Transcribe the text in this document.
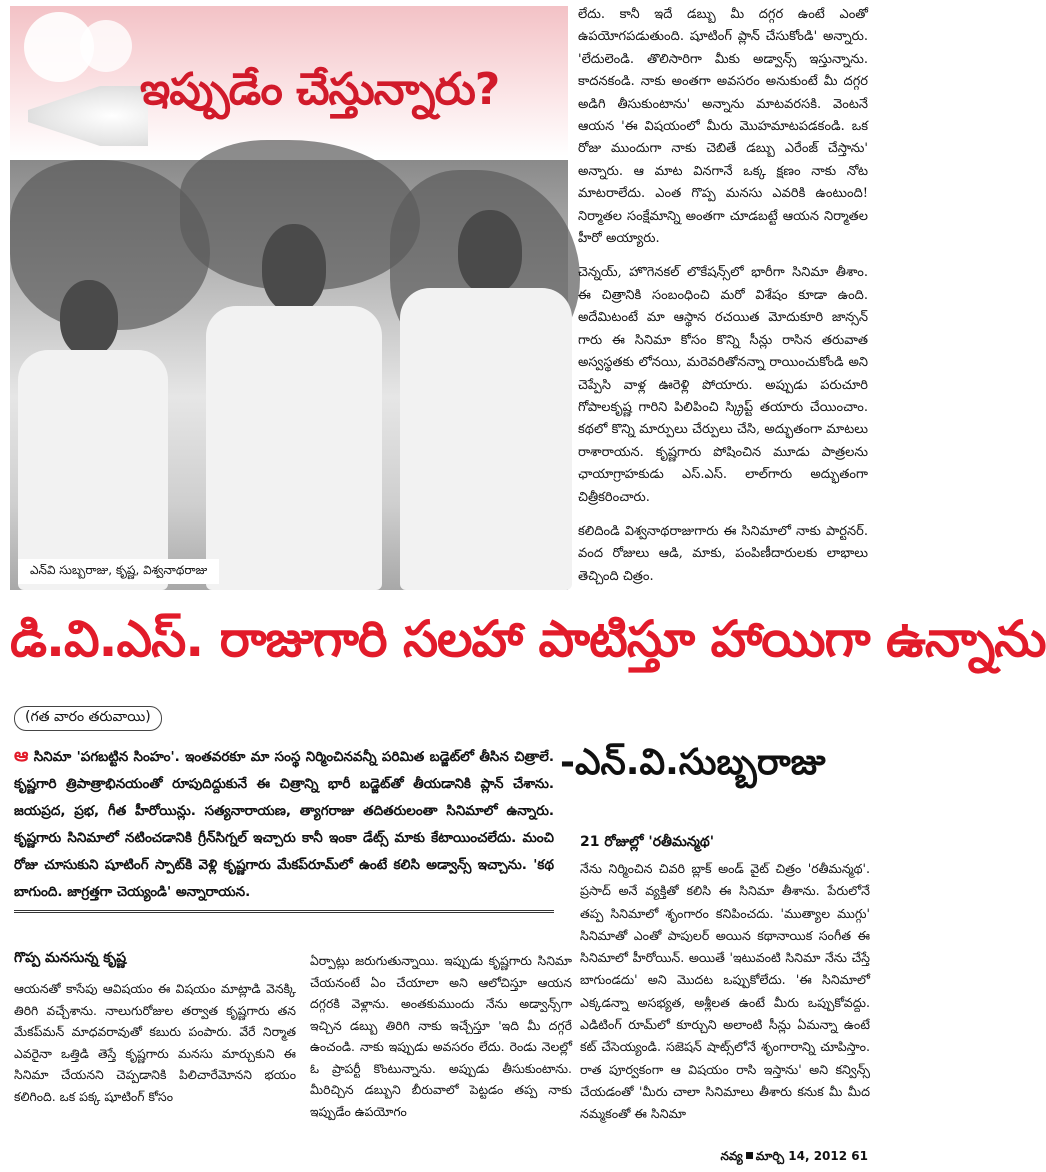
ఇప్పుడేం చేస్తున్నారు?
ఎన్‌వి సుబ్బరాజు, కృష్ణ, విశ్వనాథరాజు

లేదు. కానీ ఇదే డబ్బు మీ దగ్గర ఉంటే ఎంతో ఉపయోగపడుతుంది. షూటింగ్ ప్లాన్ చేసుకోండి' అన్నారు. 'లేదులెండి. తొలిసారిగా మీకు అడ్వాన్స్ ఇస్తున్నాను. కాదనకండి. నాకు అంతగా అవసరం అనుకుంటే మీ దగ్గర అడిగి తీసుకుంటాను' అన్నాను మాటవరసకి. వెంటనే ఆయన 'ఈ విషయంలో మీరు మొహమాటపడకండి. ఒక రోజు ముందుగా నాకు చెబితే డబ్బు ఎరేంజ్ చేస్తాను' అన్నారు. ఆ మాట వినగానే ఒక్క క్షణం నాకు నోట మాటరాలేదు. ఎంత గొప్ప మనసు ఎవరికి ఉంటుంది! నిర్మాతల సంక్షేమాన్ని అంతగా చూడబట్టే ఆయన నిర్మాతల హీరో అయ్యారు.

చెన్నయ్, హొగెనకల్ లొకేషన్స్‌లో భారీగా సినిమా తీశాం. ఈ చిత్రానికి సంబంధించి మరో విశేషం కూడా ఉంది. అదేమిటంటే మా ఆస్థాన రచయిత మోదుకూరి జాన్సన్ గారు ఈ సినిమా కోసం కొన్ని సీన్లు రాసిన తరువాత అస్వస్థతకు లోనయి, మరెవరితోనన్నా రాయించుకోండి అని చెప్పేసి వాళ్ల ఊరెళ్లి పోయారు. అప్పుడు పరుచూరి గోపాలకృష్ణ గారిని పిలిపించి స్క్రిప్ట్ తయారు చేయించాం. కథలో కొన్ని మార్పులు చేర్పులు చేసి, అద్భుతంగా మాటలు రాశారాయన. కృష్ణగారు పోషించిన మూడు పాత్రలను ఛాయాగ్రాహకుడు ఎస్.ఎస్. లాల్‌గారు అద్భుతంగా చిత్రీకరించారు.

కలిదిండి విశ్వనాథరాజుగారు ఈ సినిమాలో నాకు పార్టనర్. వంద రోజులు ఆడి, మాకు, పంపిణీదారులకు లాభాలు తెచ్చింది చిత్రం.

డి.వి.ఎస్. రాజుగారి సలహా పాటిస్తూ హాయిగా ఉన్నాను
(గత వారం తరువాయి)
ఆ సినిమా 'పగబట్టిన సింహం'. ఇంతవరకూ మా సంస్థ నిర్మించినవన్నీ పరిమిత బడ్జెట్‌లో తీసిన చిత్రాలే. కృష్ణగారి త్రిపాత్రాభినయంతో రూపుదిద్దుకునే ఈ చిత్రాన్ని భారీ బడ్జెట్‌తో తీయడానికి ప్లాన్ చేశాను. జయప్రద, ప్రభ, గీత హీరోయిన్లు. సత్యనారాయణ, త్యాగరాజు తదితరులంతా సినిమాలో ఉన్నారు. కృష్ణగారు సినిమాలో నటించడానికి గ్రీన్‌సిగ్నల్ ఇచ్చారు కానీ ఇంకా డేట్స్ మాకు కేటాయించలేదు. మంచి రోజు చూసుకుని షూటింగ్ స్పాట్‌కి వెళ్లి కృష్ణగారు మేకప్‌రూమ్‌లో ఉంటే కలిసి అడ్వాన్స్ ఇచ్చాను. 'కథ బాగుంది. జాగ్రత్తగా చెయ్యండి' అన్నారాయన.
-ఎన్.వి.సుబ్బరాజు
గొప్ప మనసున్న కృష్ణ
ఆయనతో కాసేపు ఆవిషయం ఈ విషయం మాట్లాడి వెనక్కి తిరిగి వచ్చేశాను. నాలుగురోజుల తర్వాత కృష్ణగారు తన మేకప్‌మన్ మాధవరావుతో కబురు పంపారు. వేరే నిర్మాత ఎవరైనా ఒత్తిడి తెస్తే కృష్ణగారు మనసు మార్చుకుని ఈ సినిమా చేయనని చెప్పడానికి పిలిచారేమోనని భయం కలిగింది. ఒక పక్క షూటింగ్ కోసం
ఏర్పాట్లు జరుగుతున్నాయి. ఇప్పుడు కృష్ణగారు సినిమా చేయనంటే ఏం చేయాలా అని ఆలోచిస్తూ ఆయన దగ్గరకి వెళ్లాను. అంతకుముందు నేను అడ్వాన్స్‌గా ఇచ్చిన డబ్బు తిరిగి నాకు ఇచ్చేస్తూ 'ఇది మీ దగ్గరే ఉంచండి. నాకు ఇప్పుడు అవసరం లేదు. రెండు నెలల్లో ఓ ప్రాపర్టీ కొంటున్నాను. అప్పుడు తీసుకుంటాను. మీరిచ్చిన డబ్బుని బీరువాలో పెట్టడం తప్ప నాకు ఇప్పుడేం ఉపయోగం
21 రోజుల్లో 'రతీమన్మథ'
నేను నిర్మించిన చివరి బ్లాక్ అండ్ వైట్ చిత్రం 'రతీమన్మథ'. ప్రసాద్ అనే వ్యక్తితో కలిసి ఈ సినిమా తీశాను. పేరులోనే తప్ప సినిమాలో శృంగారం కనిపించదు. 'ముత్యాల ముగ్గు' సినిమాతో ఎంతో పాపులర్ అయిన కథానాయిక సంగీత ఈ సినిమాలో హీరోయిన్. అయితే 'ఇటువంటి సినిమా నేను చేస్తే బాగుండదు' అని మొదట ఒప్పుకోలేదు. 'ఈ సినిమాలో ఎక్కడన్నా అసభ్యత, అశ్లీలత ఉంటే మీరు ఒప్పుకోవద్దు. ఎడిటింగ్ రూమ్‌లో కూర్చుని అలాంటి సీన్లు ఏమన్నా ఉంటే కట్ చేసెయ్యండి. సజెషన్ షాట్స్‌లోనే శృంగారాన్ని చూపిస్తాం. రాత పూర్వకంగా ఆ విషయం రాసి ఇస్తాను' అని కన్విన్స్ చేయడంతో 'మీరు చాలా సినిమాలు తీశారు కనుక మీ మీద నమ్మకంతో ఈ సినిమా
నవ్య మార్చి 14, 2012 61
